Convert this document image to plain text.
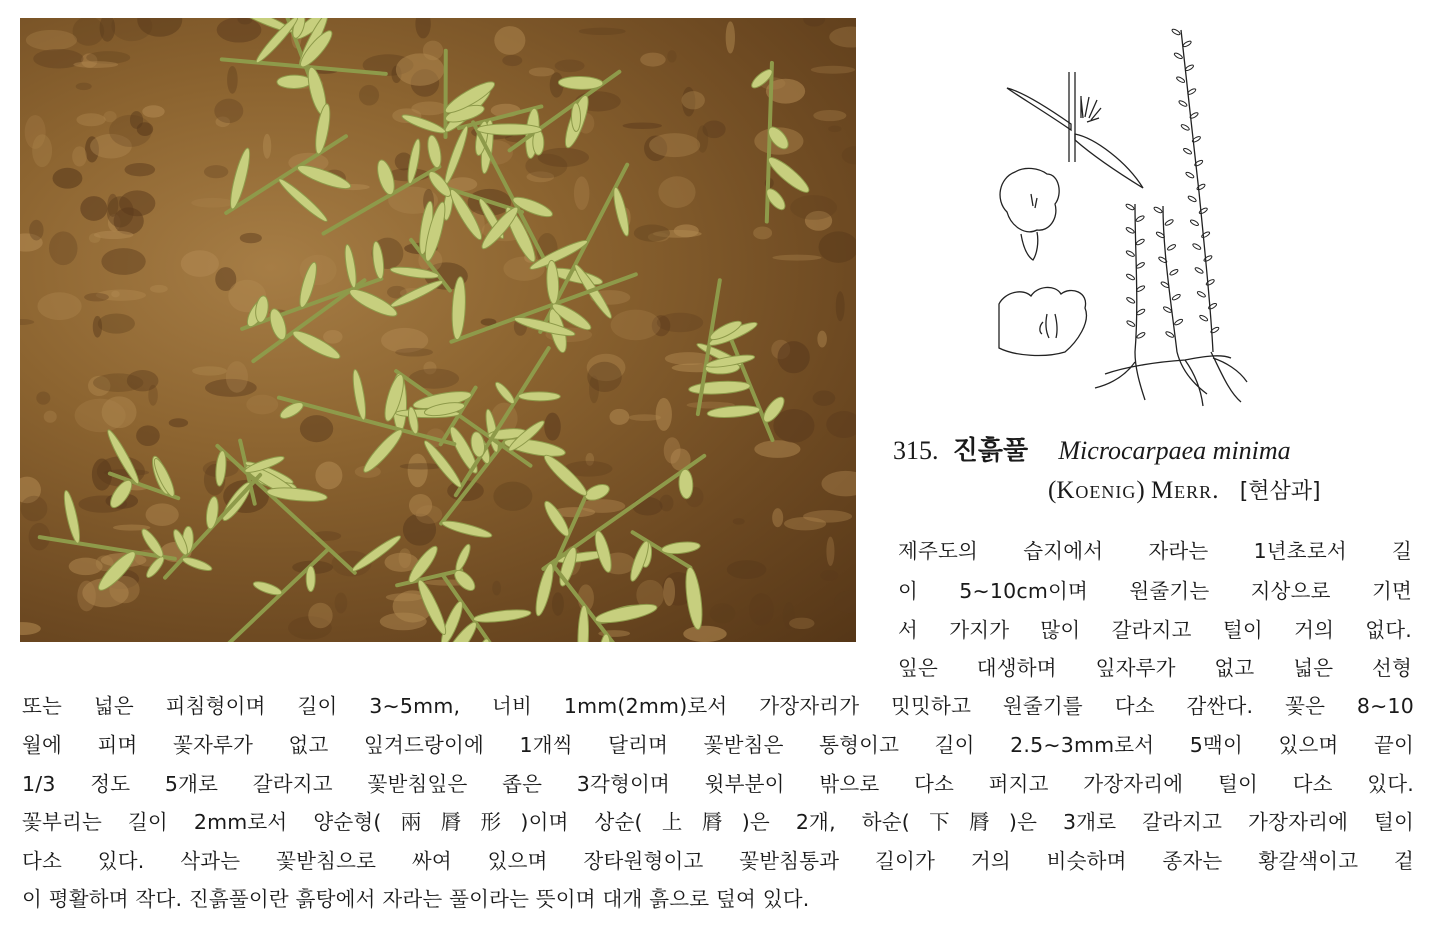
315. 진흙풀 Microcarpaea minima
(Koenig) Merr. [현삼과]
제주도의 습지에서 자라는 1년초로서 길
이 5∼10cm이며 원줄기는 지상으로 기면
서 가지가 많이 갈라지고 털이 거의 없다.
잎은 대생하며 잎자루가 없고 넓은 선형
또는 넓은 피침형이며 길이 3∼5mm, 너비 1mm(2mm)로서 가장자리가 밋밋하고 원줄기를 다소 감싼다. 꽃은 8∼10
월에 피며 꽃자루가 없고 잎겨드랑이에 1개씩 달리며 꽃받침은 통형이고 길이 2.5∼3mm로서 5맥이 있으며 끝이
1/3 정도 5개로 갈라지고 꽃받침잎은 좁은 3각형이며 윗부분이 밖으로 다소 퍼지고 가장자리에 털이 다소 있다.
꽃부리는 길이 2mm로서 양순형(兩脣形)이며 상순(上脣)은 2개, 하순(下脣)은 3개로 갈라지고 가장자리에 털이
다소 있다. 삭과는 꽃받침으로 싸여 있으며 장타원형이고 꽃받침통과 길이가 거의 비슷하며 종자는 황갈색이고 겉
이 평활하며 작다. 진흙풀이란 흙탕에서 자라는 풀이라는 뜻이며 대개 흙으로 덮여 있다.
